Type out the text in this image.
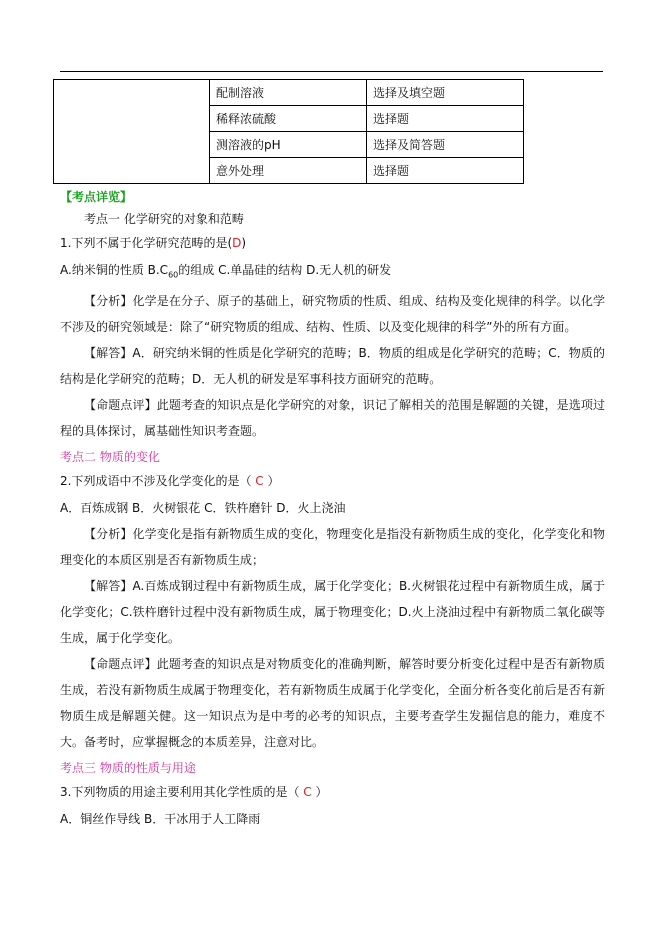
	配制溶液	选择及填空题
	稀释浓硫酸	选择题
	测溶液的pH	选择及简答题
	意外处理	选择题
【考点详览】
考点一 化学研究的对象和范畴
1.下列不属于化学研究范畴的是(D)
A.纳米铜的性质 $B.C_{60}$的组成 C.单晶硅的结构 D.无人机的研发
【分析】化学是在分子、原子的基础上，研究物质的性质、组成、结构及变化规律的科学。以化学不涉及的研究领域是：除了“研究物质的组成、结构、性质、以及变化规律的科学”外的所有方面。
【解答】A．研究纳米铜的性质是化学研究的范畴；B．物质的组成是化学研究的范畴；C．物质的结构是化学研究的范畴；D．无人机的研发是军事科技方面研究的范畴。
【命题点评】此题考查的知识点是化学研究的对象，识记了解相关的范围是解题的关键，是选项过程的具体探讨，属基础性知识考查题。
考点二 物质的变化
2.下列成语中不涉及化学变化的是（ C ）
A．百炼成钢 B．火树银花 C．铁杵磨针 D．火上浇油
【分析】化学变化是指有新物质生成的变化，物理变化是指没有新物质生成的变化，化学变化和物理变化的本质区别是否有新物质生成；
【解答】A.百炼成钢过程中有新物质生成，属于化学变化；B.火树银花过程中有新物质生成，属于化学变化；C.铁杵磨针过程中没有新物质生成，属于物理变化；D.火上浇油过程中有新物质二氧化碳等生成，属于化学变化。
【命题点评】此题考查的知识点是对物质变化的准确判断，解答时要分析变化过程中是否有新物质生成，若没有新物质生成属于物理变化，若有新物质生成属于化学变化，全面分析各变化前后是否有新物质生成是解题关健。这一知识点为是中考的必考的知识点，主要考查学生发掘信息的能力，难度不大。备考时，应掌握概念的本质差异，注意对比。
考点三 物质的性质与用途
3.下列物质的用途主要利用其化学性质的是（ C ）
A．铜丝作导线 B．干冰用于人工降雨
